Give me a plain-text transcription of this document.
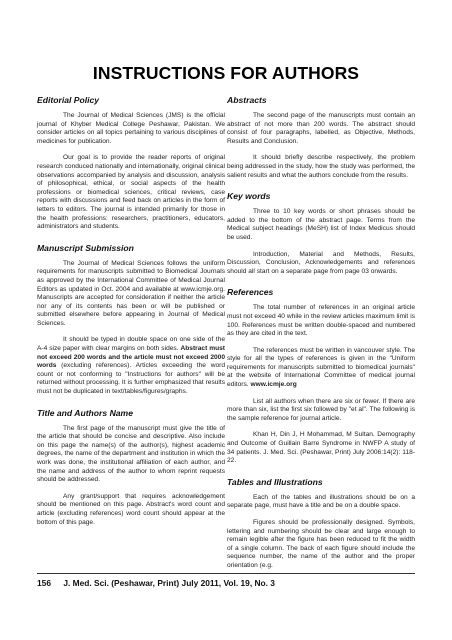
INSTRUCTIONS FOR AUTHORS
Editorial Policy

The Journal of Medical Sciences (JMS) is the official journal of Khyber Medical College Peshawar, Pakistan. We consider articles on all topics pertaining to various disciplines of medicines for publication.

Our goal is to provide the reader reports of original research conduced nationally and internationally, original clinical observations accompanied by analysis and discussion, analysis of philosophical, ethical, or social aspects of the health professions or biomedical sciences, critical reviews, case reports with discussions and feed back on articles in the form of letters to editors. The journal is intended primarily for those in the health professions: researchers, practitioners, educators, administrators and students.

Manuscript Submission

The Journal of Medical Sciences follows the uniform requirements for manuscripts submitted to Biomedical Journals as approved by the International Committee of Medical Journal Editors as updated in Oct. 2004 and available at www.icmje.org. Manuscripts are accepted for consideration if neither the article nor any of its contents has been or will be published or submitted elsewhere before appearing in Journal of Medical Sciences.

It should be typed in double space on one side of the A-4 size paper with clear margins on both sides. Abstract must not exceed 200 words and the article must not exceed 2000 words (excluding references). Articles exceeding the word count or not conforming to "Instructions for authors" will be returned without processing. It is further emphasized that results must not be duplicated in text/tables/figures/graphs.

Title and Authors Name

The first page of the manuscript must give the title of the article that should be concise and descriptive. Also include on this page the name(s) of the author(s), highest academic degrees, the name of the department and institution in which the work was done, the institutional affiliation of each author, and the name and address of the author to whom reprint requests should be addressed.

Any grant/support that requires acknowledgement should be mentioned on this page. Abstract's word count and article (excluding references) word count should appear at the bottom of this page.

Abstracts

The second page of the manuscripts must contain an abstract of not more than 200 words. The abstract should consist of four paragraphs, labelled, as Objective, Methods, Results and Conclusion.

It should briefly describe respectively, the problem being addressed in the study, how the study was performed, the salient results and what the authors conclude from the results.

Key words

Three to 10 key words or short phrases should be added to the bottom of the abstract page. Terms from the Medical subject headings (MeSH) list of Index Medicus should be used.

Introduction, Material and Methods, Results, Discussion, Conclusion, Acknowledgements and references should all start on a separate page from page 03 onwards.

References

The total number of references in an original article must not exceed 40 while in the review articles maximum limit is 100. References must be written double-spaced and numbered as they are cited in the text.

The references must be written in vancouver style. The style for all the types of references is given in the "Uniform requirements for manuscripts submitted to biomedical journals" at the website of International Committee of medical journal editors. www.icmje.org

List all authors when there are six or fewer. If there are more than six, list the first six followed by "et al". The following is the sample reference for journal article.

Khan H, Din J, H Mohammad, M Sultan. Demography and Outcome of Guillain Barre Syndrome in NWFP A study of 34 patients. J. Med. Sci. (Peshawar, Print) July 2006:14(2): 118-22.

Tables and Illustrations

Each of the tables and illustrations should be on a separate page, must have a title and be on a double space.

Figures should be professionally designed. Symbols, lettering and numbering should be clear and large enough to remain legible after the figure has been reduced to fit the width of a single column. The back of each figure should include the sequence number, the name of the author and the proper orientation (e.g.

156 J. Med. Sci. (Peshawar, Print) July 2011, Vol. 19, No. 3
